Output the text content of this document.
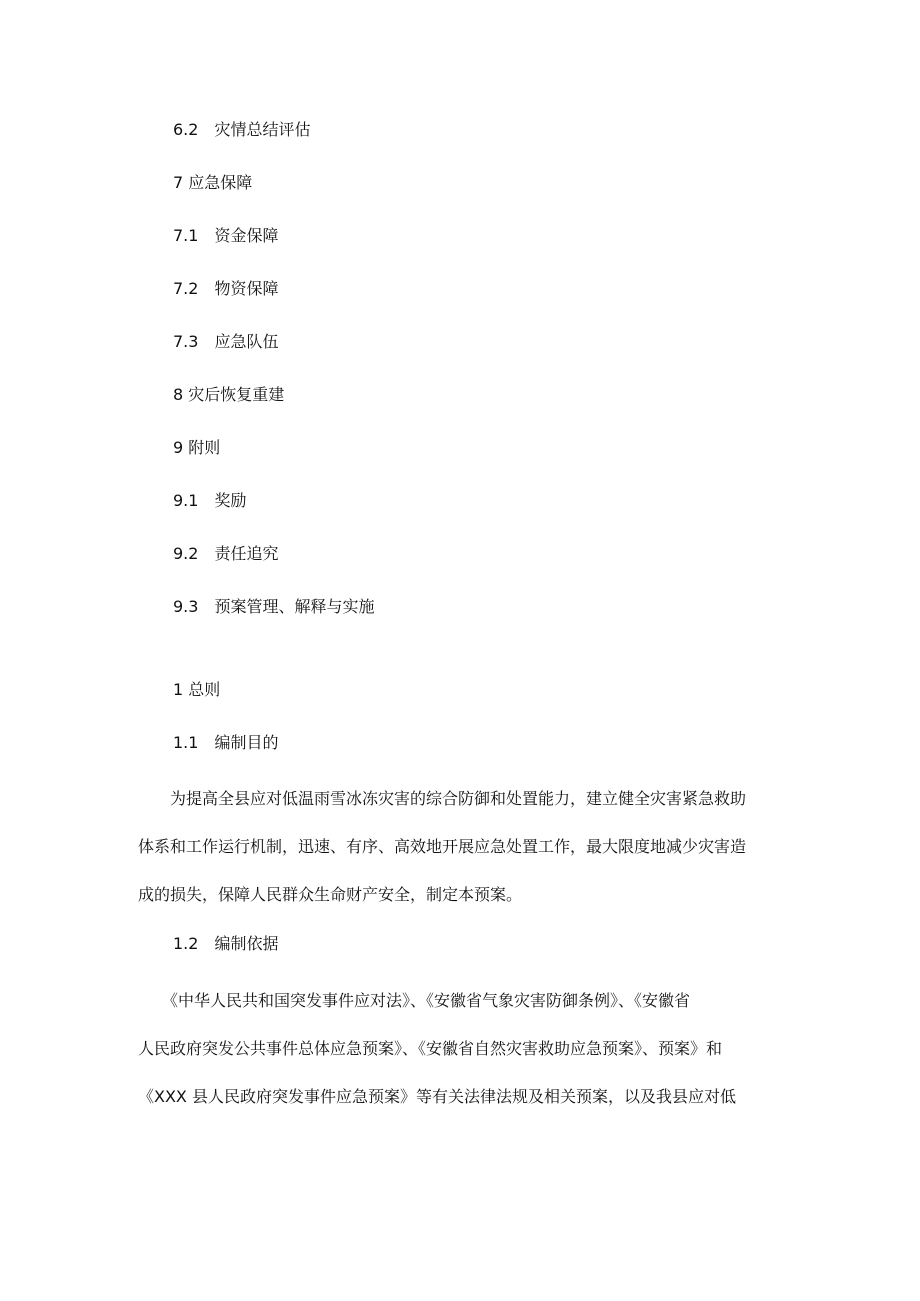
6.2　灾情总结评估
7 应急保障
7.1　资金保障
7.2　物资保障
7.3　应急队伍
8 灾后恢复重建
9 附则
9.1　奖励
9.2　责任追究
9.3　预案管理、解释与实施
1 总则
1.1　编制目的

　　为提高全县应对低温雨雪冰冻灾害的综合防御和处置能力，建立健全灾害紧急救助

体系和工作运行机制，迅速、有序、高效地开展应急处置工作，最大限度地减少灾害造

成的损失，保障人民群众生命财产安全，制定本预案。

1.2　编制依据

　　《中华人民共和国突发事件应对法》、《安徽省气象灾害防御条例》、《安徽省

人民政府突发公共事件总体应急预案》、《安徽省自然灾害救助应急预案》、预案》和

《XXX 县人民政府突发事件应急预案》等有关法律法规及相关预案，以及我县应对低
